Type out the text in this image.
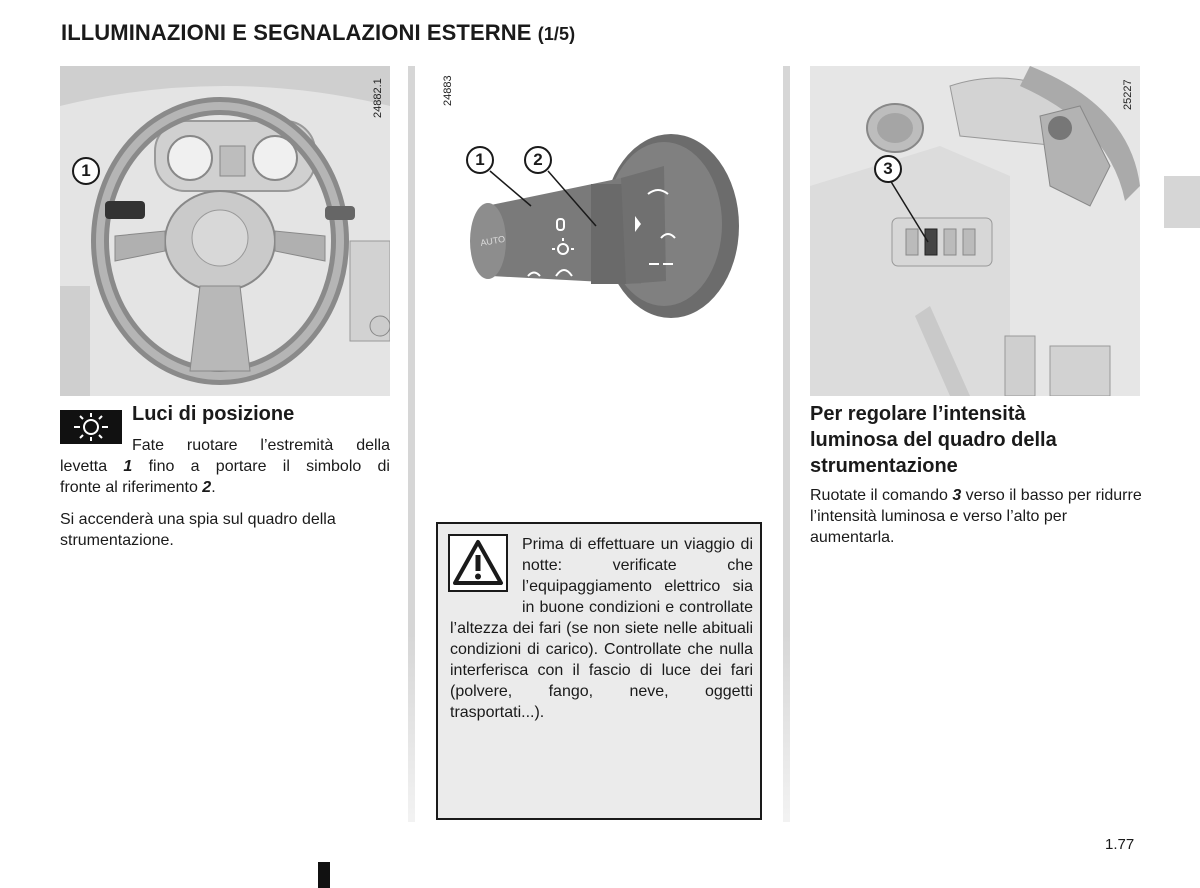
ILLUMINAZIONI E SEGNALAZIONI ESTERNE (1/5)
1
24882.1
AUTO
1	2
24883
3
25227
Luci di posizione
Fate ruotare l’estremità della
levetta 1 fino a portare il simbolo di
fronte al riferimento 2.
Si accenderà una spia sul quadro della strumentazione.	Prima di effettuare un viaggio di notte: verificate che l’equipaggiamento elettrico sia in buone condizioni e controllate l’altezza dei fari (se non siete nelle abituali condizioni di carico). Controllate che nulla interferisca con il fascio di luce dei fari (polvere, fango, neve, oggetti trasportati...).
Per regolare l’intensità
luminosa del quadro della
strumentazione
Ruotate il comando 3 verso il basso per ridurre l’intensità luminosa e verso l’alto per aumentarla.
1.77
